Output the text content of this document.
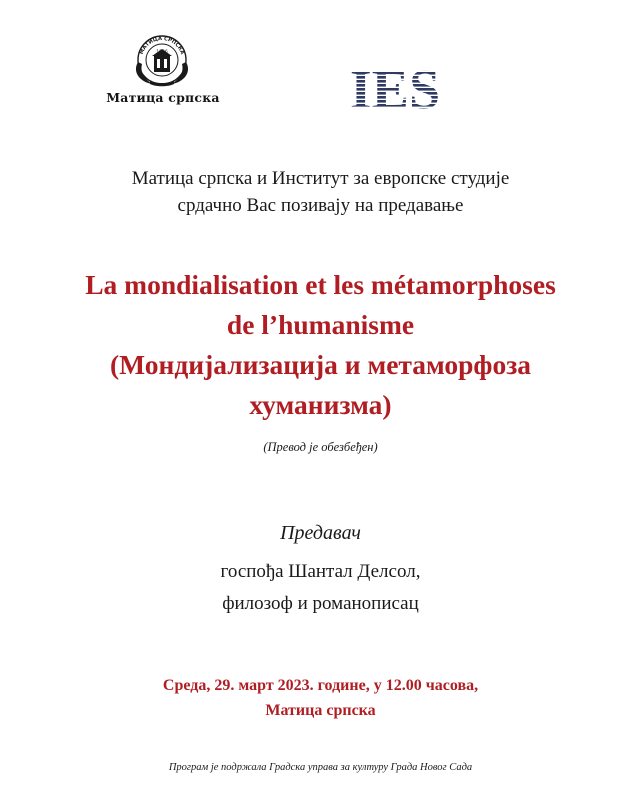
МАТИЦА СРПСКА
Матица српска IES
Матица српска и Институт за европске студије
срдачно Вас позивају на предавање
La mondialisation et les métamorphoses
de l’humanisme
(Мондијализација и метаморфоза
хуманизма)
(Превод је обезбеђен)
Предавач
госпођа Шантал Делсол,
филозоф и романописац
Среда, 29. март 2023. године, у 12.00 часова,
Матица српска
Програм је подржала Градска управа за културу Града Новог Сада
